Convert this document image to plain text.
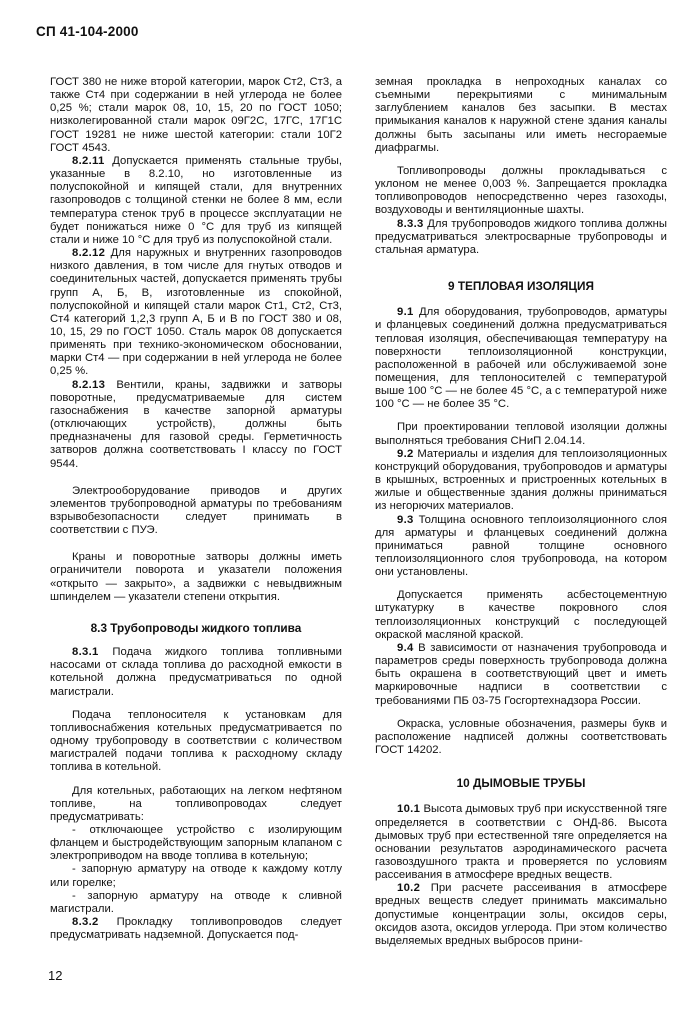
СП 41-104-2000

ГОСТ 380 не ниже второй категории, марок Ст2, Ст3, а также Ст4 при содержании в ней углерода не более 0,25 %; стали марок 08, 10, 15, 20 по ГОСТ 1050; низколегированной стали марок 09Г2С, 17ГС, 17Г1С ГОСТ 19281 не ниже шестой категории: стали 10Г2 ГОСТ 4543.

8.2.11 Допускается применять стальные трубы, указанные в 8.2.10, но изготовленные из полуспокойной и кипящей стали, для внутренних газопроводов с толщиной стенки не более 8 мм, если температура стенок труб в процессе эксплуатации не будет понижаться ниже 0 °С для труб из кипящей стали и ниже 10 °С для труб из полуспокойной стали.

8.2.12 Для наружных и внутренних газопроводов низкого давления, в том числе для гнутых отводов и соединительных частей, допускается применять трубы групп А, Б, В, изготовленные из спокойной, полуспокойной и кипящей стали марок Ст1, Ст2, Ст3, Ст4 категорий 1,2,3 групп А, Б и В по ГОСТ 380 и 08, 10, 15, 29 по ГОСТ 1050. Сталь марок 08 допускается применять при технико-экономическом обосновании, марки Ст4 — при содержании в ней углерода не более 0,25 %.

8.2.13 Вентили, краны, задвижки и затворы поворотные, предусматриваемые для систем газоснабжения в качестве запорной арматуры (отключающих устройств), должны быть предназначены для газовой среды. Герметичность затворов должна соответствовать I классу по ГОСТ 9544.

Электрооборудование приводов и других элементов трубопроводной арматуры по требованиям взрывобезопасности следует принимать в соответствии с ПУЭ.

Краны и поворотные затворы должны иметь ограничители поворота и указатели положения «открыто — закрыто», а задвижки с невыдвижным шпинделем — указатели степени открытия.

8.3 Трубопроводы жидкого топлива

8.3.1 Подача жидкого топлива топливными насосами от склада топлива до расходной емкости в котельной должна предусматриваться по одной магистрали.

Подача теплоносителя к установкам для топливоснабжения котельных предусматривается по одному трубопроводу в соответствии с количеством магистралей подачи топлива к расходному складу топлива в котельной.

Для котельных, работающих на легком нефтяном топливе, на топливопроводах следует предусматривать:

- отключающее устройство с изолирующим фланцем и быстродействующим запорным клапаном с электроприводом на вводе топлива в котельную;

- запорную арматуру на отводе к каждому котлу или горелке;

- запорную арматуру на отводе к сливной магистрали.

8.3.2 Прокладку топливопроводов следует предусматривать надземной. Допускается под-

земная прокладка в непроходных каналах со съемными перекрытиями с минимальным заглублением каналов без засыпки. В местах примыкания каналов к наружной стене здания каналы должны быть засыпаны или иметь несгораемые диафрагмы.

Топливопроводы должны прокладываться с уклоном не менее 0,003 %. Запрещается прокладка топливопроводов непосредственно через газоходы, воздуховоды и вентиляционные шахты.

8.3.3 Для трубопроводов жидкого топлива должны предусматриваться электросварные трубопроводы и стальная арматура.

9 ТЕПЛОВАЯ ИЗОЛЯЦИЯ

9.1 Для оборудования, трубопроводов, арматуры и фланцевых соединений должна предусматриваться тепловая изоляция, обеспечивающая температуру на поверхности теплоизоляционной конструкции, расположенной в рабочей или обслуживаемой зоне помещения, для теплоносителей с температурой выше 100 °С — не более 45 °С, а с температурой ниже 100 °С — не более 35 °С.

При проектировании тепловой изоляции должны выполняться требования СНиП 2.04.14.

9.2 Материалы и изделия для теплоизоляционных конструкций оборудования, трубопроводов и арматуры в крышных, встроенных и пристроенных котельных в жилые и общественные здания должны приниматься из негорючих материалов.

9.3 Толщина основного теплоизоляционного слоя для арматуры и фланцевых соединений должна приниматься равной толщине основного теплоизоляционного слоя трубопровода, на котором они установлены.

Допускается применять асбестоцементную штукатурку в качестве покровного слоя теплоизоляционных конструкций с последующей окраской масляной краской.

9.4 В зависимости от назначения трубопровода и параметров среды поверхность трубопровода должна быть окрашена в соответствующий цвет и иметь маркировочные надписи в соответствии с требованиями ПБ 03-75 Госгортехнадзора России.

Окраска, условные обозначения, размеры букв и расположение надписей должны соответствовать ГОСТ 14202.

10 ДЫМОВЫЕ ТРУБЫ

10.1 Высота дымовых труб при искусственной тяге определяется в соответствии с ОНД-86. Высота дымовых труб при естественной тяге определяется на основании результатов аэродинамического расчета газовоздушного тракта и проверяется по условиям рассеивания в атмосфере вредных веществ.

10.2 При расчете рассеивания в атмосфере вредных веществ следует принимать максимально допустимые концентрации золы, оксидов серы, оксидов азота, оксидов углерода. При этом количество выделяемых вредных выбросов прини-

12
